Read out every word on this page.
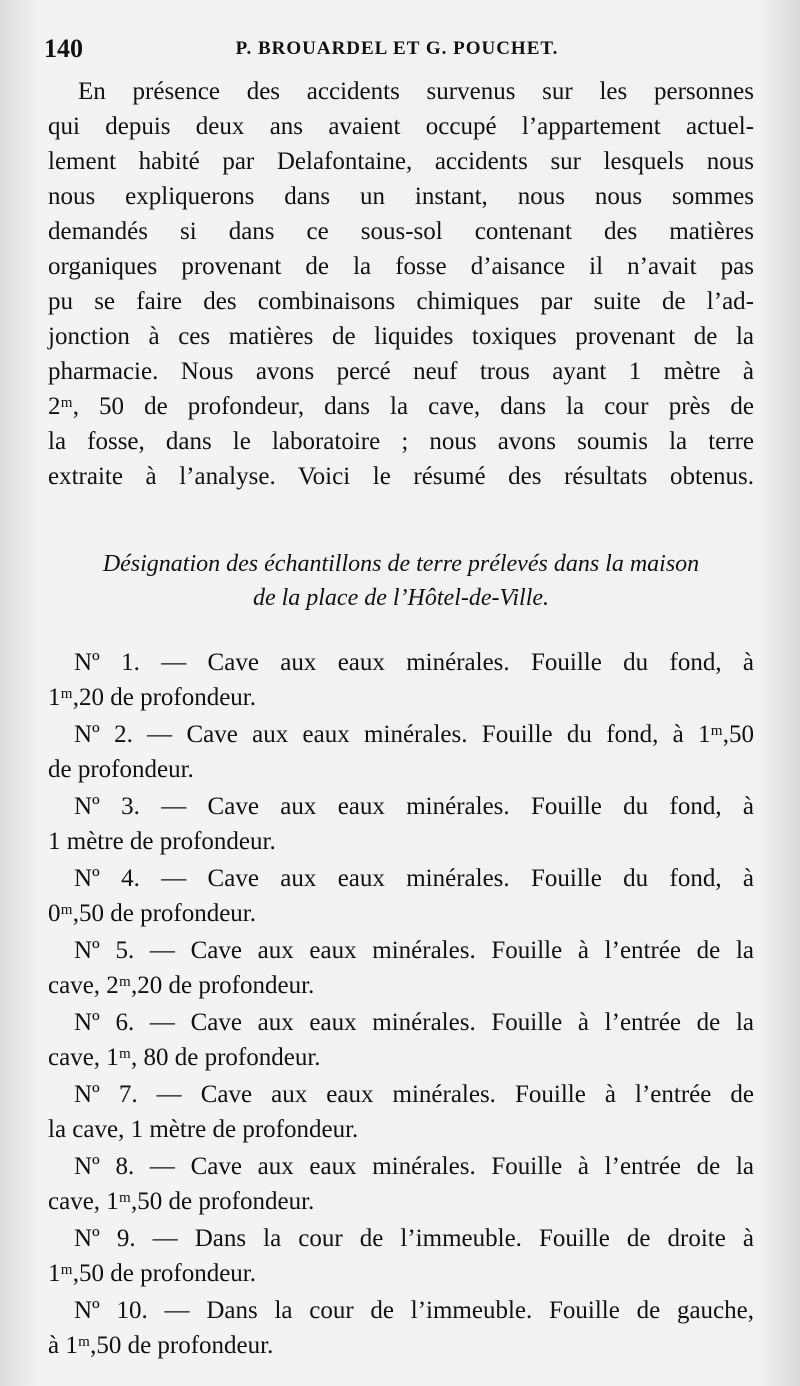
140	P. BROUARDEL ET G. POUCHET.
En présence des accidents survenus sur les personnes
qui depuis deux ans avaient occupé l’appartement actuel-
lement habité par Delafontaine, accidents sur lesquels nous
nous expliquerons dans un instant, nous nous sommes
demandés si dans ce sous-sol contenant des matières
organiques provenant de la fosse d’aisance il n’avait pas
pu se faire des combinaisons chimiques par suite de l’ad-
jonction à ces matières de liquides toxiques provenant de la
pharmacie. Nous avons percé neuf trous ayant 1 mètre à
2ᵐ, 50 de profondeur, dans la cave, dans la cour près de
la fosse, dans le laboratoire ; nous avons soumis la terre
extraite à l’analyse. Voici le résumé des résultats obtenus.
Désignation des échantillons de terre prélevés dans la maison
de la place de l’Hôtel-de-Ville.
Nº 1. — Cave aux eaux minérales. Fouille du fond, à
1ᵐ,20 de profondeur.
Nº 2. — Cave aux eaux minérales. Fouille du fond, à 1ᵐ,50
de profondeur.
Nº 3. — Cave aux eaux minérales. Fouille du fond, à
1 mètre de profondeur.
Nº 4. — Cave aux eaux minérales. Fouille du fond, à
0ᵐ,50 de profondeur.
Nº 5. — Cave aux eaux minérales. Fouille à l’entrée de la
cave, 2ᵐ,20 de profondeur.
Nº 6. — Cave aux eaux minérales. Fouille à l’entrée de la
cave, 1ᵐ, 80 de profondeur.
Nº 7. — Cave aux eaux minérales. Fouille à l’entrée de
la cave, 1 mètre de profondeur.
Nº 8. — Cave aux eaux minérales. Fouille à l’entrée de la
cave, 1ᵐ,50 de profondeur.
Nº 9. — Dans la cour de l’immeuble. Fouille de droite à
1ᵐ,50 de profondeur.
Nº 10. — Dans la cour de l’immeuble. Fouille de gauche,
à 1ᵐ,50 de profondeur.
